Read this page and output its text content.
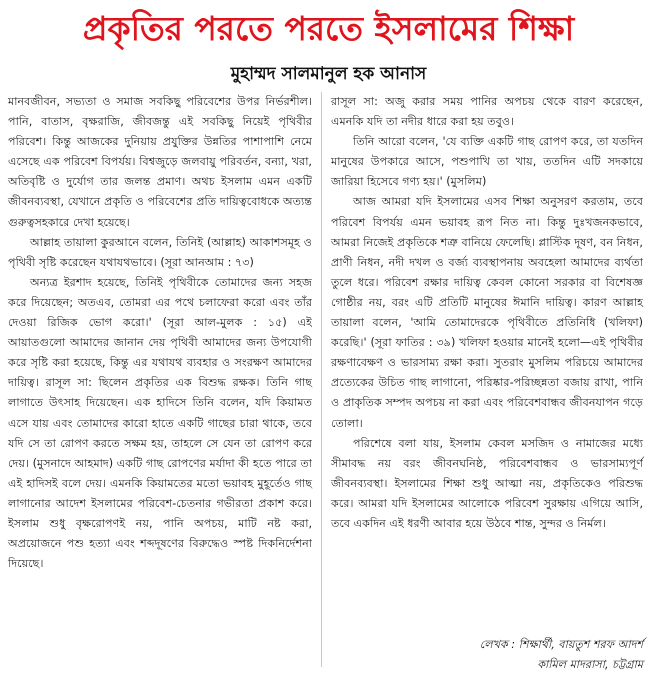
প্রকৃতির পরতে পরতে ইসলামের শিক্ষা
মুহাম্মদ সালমানুল হক আনাস

মানবজীবন, সভ্যতা ও সমাজ সবকিছু পরিবেশের উপর নির্ভরশীল। পানি, বাতাস, বৃক্ষরাজি, জীবজন্তু এই সবকিছু নিয়েই পৃথিবীর পরিবেশ। কিন্তু আজকের দুনিয়ায় প্রযুক্তির উন্নতির পাশাপাশি নেমে এসেছে এক পরিবেশ বিপর্যয়। বিশ্বজুড়ে জলবায়ু পরিবর্তন, বন্যা, খরা, অতিবৃষ্টি ও দুর্যোগ তার জলন্ত প্রমাণ। অথচ ইসলাম এমন একটি জীবনব্যবস্থা, যেখানে প্রকৃতি ও পরিবেশের প্রতি দায়িত্ববোধকে অত্যন্ত গুরুত্বসহকারে দেখা হয়েছে।

আল্লাহ তায়ালা কুরআনে বলেন, তিনিই (আল্লাহ) আকাশসমূহ ও পৃথিবী সৃষ্টি করেছেন যথাযথভাবে। (সূরা আনআম : ৭৩)

অন্যত্র ইরশাদ হয়েছে, তিনিই পৃথিবীকে তোমাদের জন্য সহজ করে দিয়েছেন; অতএব, তোমরা এর পথে চলাফেরা করো এবং তাঁর দেওয়া রিজিক ভোগ করো।' (সূরা আল-মুলক : ১৫) এই আয়াতগুলো আমাদের জানান দেয় পৃথিবী আমাদের জন্য উপযোগী করে সৃষ্টি করা হয়েছে, কিন্তু এর যথাযথ ব্যবহার ও সংরক্ষণ আমাদের দায়িত্ব। রাসূল সা: ছিলেন প্রকৃতির এক বিশুদ্ধ রক্ষক। তিনি গাছ লাগাতে উৎসাহ দিয়েছেন। এক হাদিসে তিনি বলেন, যদি কিয়ামত এসে যায় এবং তোমাদের কারো হাতে একটি গাছের চারা থাকে, তবে যদি সে তা রোপণ করতে সক্ষম হয়, তাহলে সে যেন তা রোপণ করে দেয়। (মুসনাদে আহমাদ) একটি গাছ রোপণের মর্যাদা কী হতে পারে তা এই হাদিসই বলে দেয়। এমনকি কিয়ামতের মতো ভয়াবহ মুহূর্তেও গাছ লাগানোর আদেশ ইসলামের পরিবেশ-চেতনার গভীরতা প্রকাশ করে। ইসলাম শুধু বৃক্ষরোপণই নয়, পানি অপচয়, মাটি নষ্ট করা, অপ্রয়োজনে পশু হত্যা এবং শব্দদূষণের বিরুদ্ধেও স্পষ্ট দিকনির্দেশনা দিয়েছে।

রাসূল সা: অজু করার সময় পানির অপচয় থেকে বারণ করেছেন, এমনকি যদি তা নদীর ধারে করা হয় তবুও।

তিনি আরো বলেন, 'যে ব্যক্তি একটি গাছ রোপণ করে, তা যতদিন মানুষের উপকারে আসে, পশুপাখি তা খায়, ততদিন এটি সদকায়ে জারিয়া হিসেবে গণ্য হয়।' (মুসলিম)

আজ আমরা যদি ইসলামের এসব শিক্ষা অনুসরণ করতাম, তবে পরিবেশ বিপর্যয় এমন ভয়াবহ রূপ নিত না। কিন্তু দুঃখজনকভাবে, আমরা নিজেই প্রকৃতিকে শত্রু বানিয়ে ফেলেছি। প্লাস্টিক দূষণ, বন নিধন, প্রাণী নিধন, নদী দখল ও বর্জ্য ব্যবস্থাপনায় অবহেলা আমাদের ব্যর্থতা তুলে ধরে। পরিবেশ রক্ষার দায়িত্ব কেবল কোনো সরকার বা বিশেষজ্ঞ গোষ্ঠীর নয়, বরং এটি প্রতিটি মানুষের ঈমানি দায়িত্ব। কারণ আল্লাহ তায়ালা বলেন, 'আমি তোমাদেরকে পৃথিবীতে প্রতিনিধি (খলিফা) করেছি।' (সূরা ফাতির : ৩৯) খলিফা হওয়ার মানেই হলো—এই পৃথিবীর রক্ষণাবেক্ষণ ও ভারসাম্য রক্ষা করা। সুতরাং মুসলিম পরিচয়ে আমাদের প্রত্যেকের উচিত গাছ লাগানো, পরিষ্কার-পরিচ্ছন্নতা বজায় রাখা, পানি ও প্রাকৃতিক সম্পদ অপচয় না করা এবং পরিবেশবান্ধব জীবনযাপন গড়ে তোলা।

পরিশেষে বলা যায়, ইসলাম কেবল মসজিদ ও নামাজের মধ্যে সীমাবদ্ধ নয় বরং জীবনঘনিষ্ঠ, পরিবেশবান্ধব ও ভারসাম্যপূর্ণ জীবনব্যবস্থা। ইসলামের শিক্ষা শুধু আত্মা নয়, প্রকৃতিকেও পরিশুদ্ধ করে। আমরা যদি ইসলামের আলোকে পরিবেশ সুরক্ষায় এগিয়ে আসি, তবে একদিন এই ধরণী আবার হয়ে উঠবে শান্ত, সুন্দর ও নির্মল।

লেখক : শিক্ষার্থী, বায়তুশ শরফ আদর্শ
কামিল মাদরাসা, চট্টগ্রাম
